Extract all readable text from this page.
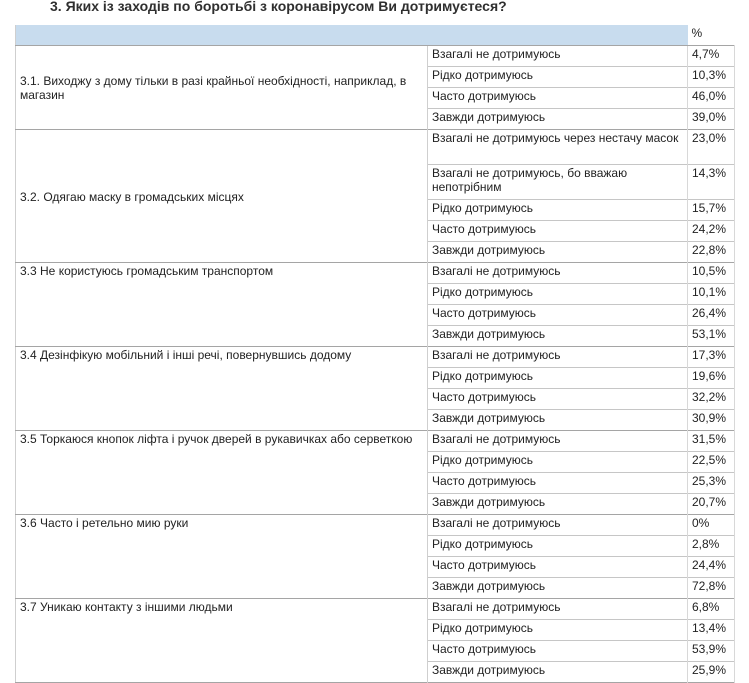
3. Яких із заходів по боротьбі з коронавірусом Ви дотримуєтеся?
		%
3.1. Виходжу з дому тільки в разі крайньої необхідності, наприклад, в магазин	Взагалі не дотримуюсь	4,7%
	Рідко дотримуюсь	10,3%
	Часто дотримуюсь	46,0%
	Завжди дотримуюсь	39,0%
3.2. Одягаю маску в громадських місцях	Взагалі не дотримуюсь через нестачу масок	23,0%
	Взагалі не дотримуюсь, бо вважаю непотрібним	14,3%
	Рідко дотримуюсь	15,7%
	Часто дотримуюсь	24,2%
	Завжди дотримуюсь	22,8%
3.3 Не користуюсь громадським транспортом	Взагалі не дотримуюсь	10,5%
	Рідко дотримуюсь	10,1%
	Часто дотримуюсь	26,4%
	Завжди дотримуюсь	53,1%
3.4 Дезінфікую мобільний і інші речі, повернувшись додому	Взагалі не дотримуюсь	17,3%
	Рідко дотримуюсь	19,6%
	Часто дотримуюсь	32,2%
	Завжди дотримуюсь	30,9%
3.5 Торкаюся кнопок ліфта і ручок дверей в рукавичках або серветкою	Взагалі не дотримуюсь	31,5%
	Рідко дотримуюсь	22,5%
	Часто дотримуюсь	25,3%
	Завжди дотримуюсь	20,7%
3.6 Часто і ретельно мию руки	Взагалі не дотримуюсь	0%
	Рідко дотримуюсь	2,8%
	Часто дотримуюсь	24,4%
	Завжди дотримуюсь	72,8%
3.7 Уникаю контакту з іншими людьми	Взагалі не дотримуюсь	6,8%
	Рідко дотримуюсь	13,4%
	Часто дотримуюсь	53,9%
	Завжди дотримуюсь	25,9%
